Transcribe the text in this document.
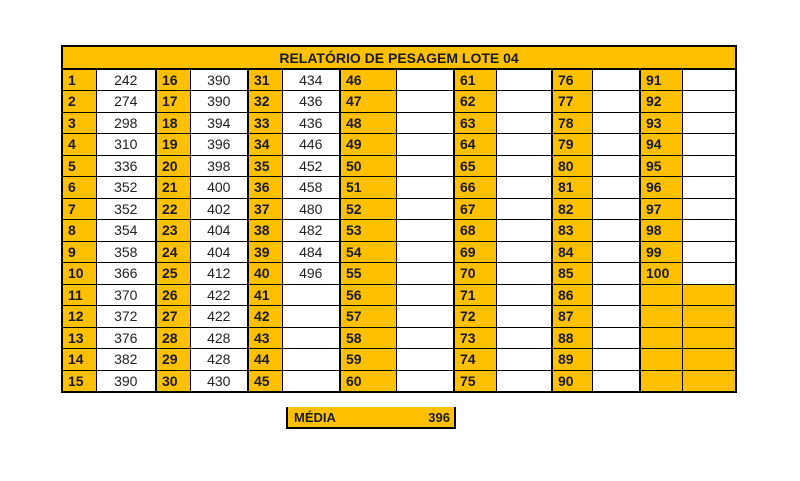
RELATÓRIO DE PESAGEM LOTE 04													
1	242	16	390	31	434	46		61		76		91	
2	274	17	390	32	436	47		62		77		92	
3	298	18	394	33	436	48		63		78		93	
4	310	19	396	34	446	49		64		79		94	
5	336	20	398	35	452	50		65		80		95	
6	352	21	400	36	458	51		66		81		96	
7	352	22	402	37	480	52		67		82		97	
8	354	23	404	38	482	53		68		83		98	
9	358	24	404	39	484	54		69		84		99	
10	366	25	412	40	496	55		70		85		100	
11	370	26	422	41		56		71		86			
12	372	27	422	42		57		72		87			
13	376	28	428	43		58		73		88			
14	382	29	428	44		59		74		89			
15	390	30	430	45		60		75		90			
MÉDIA	396
